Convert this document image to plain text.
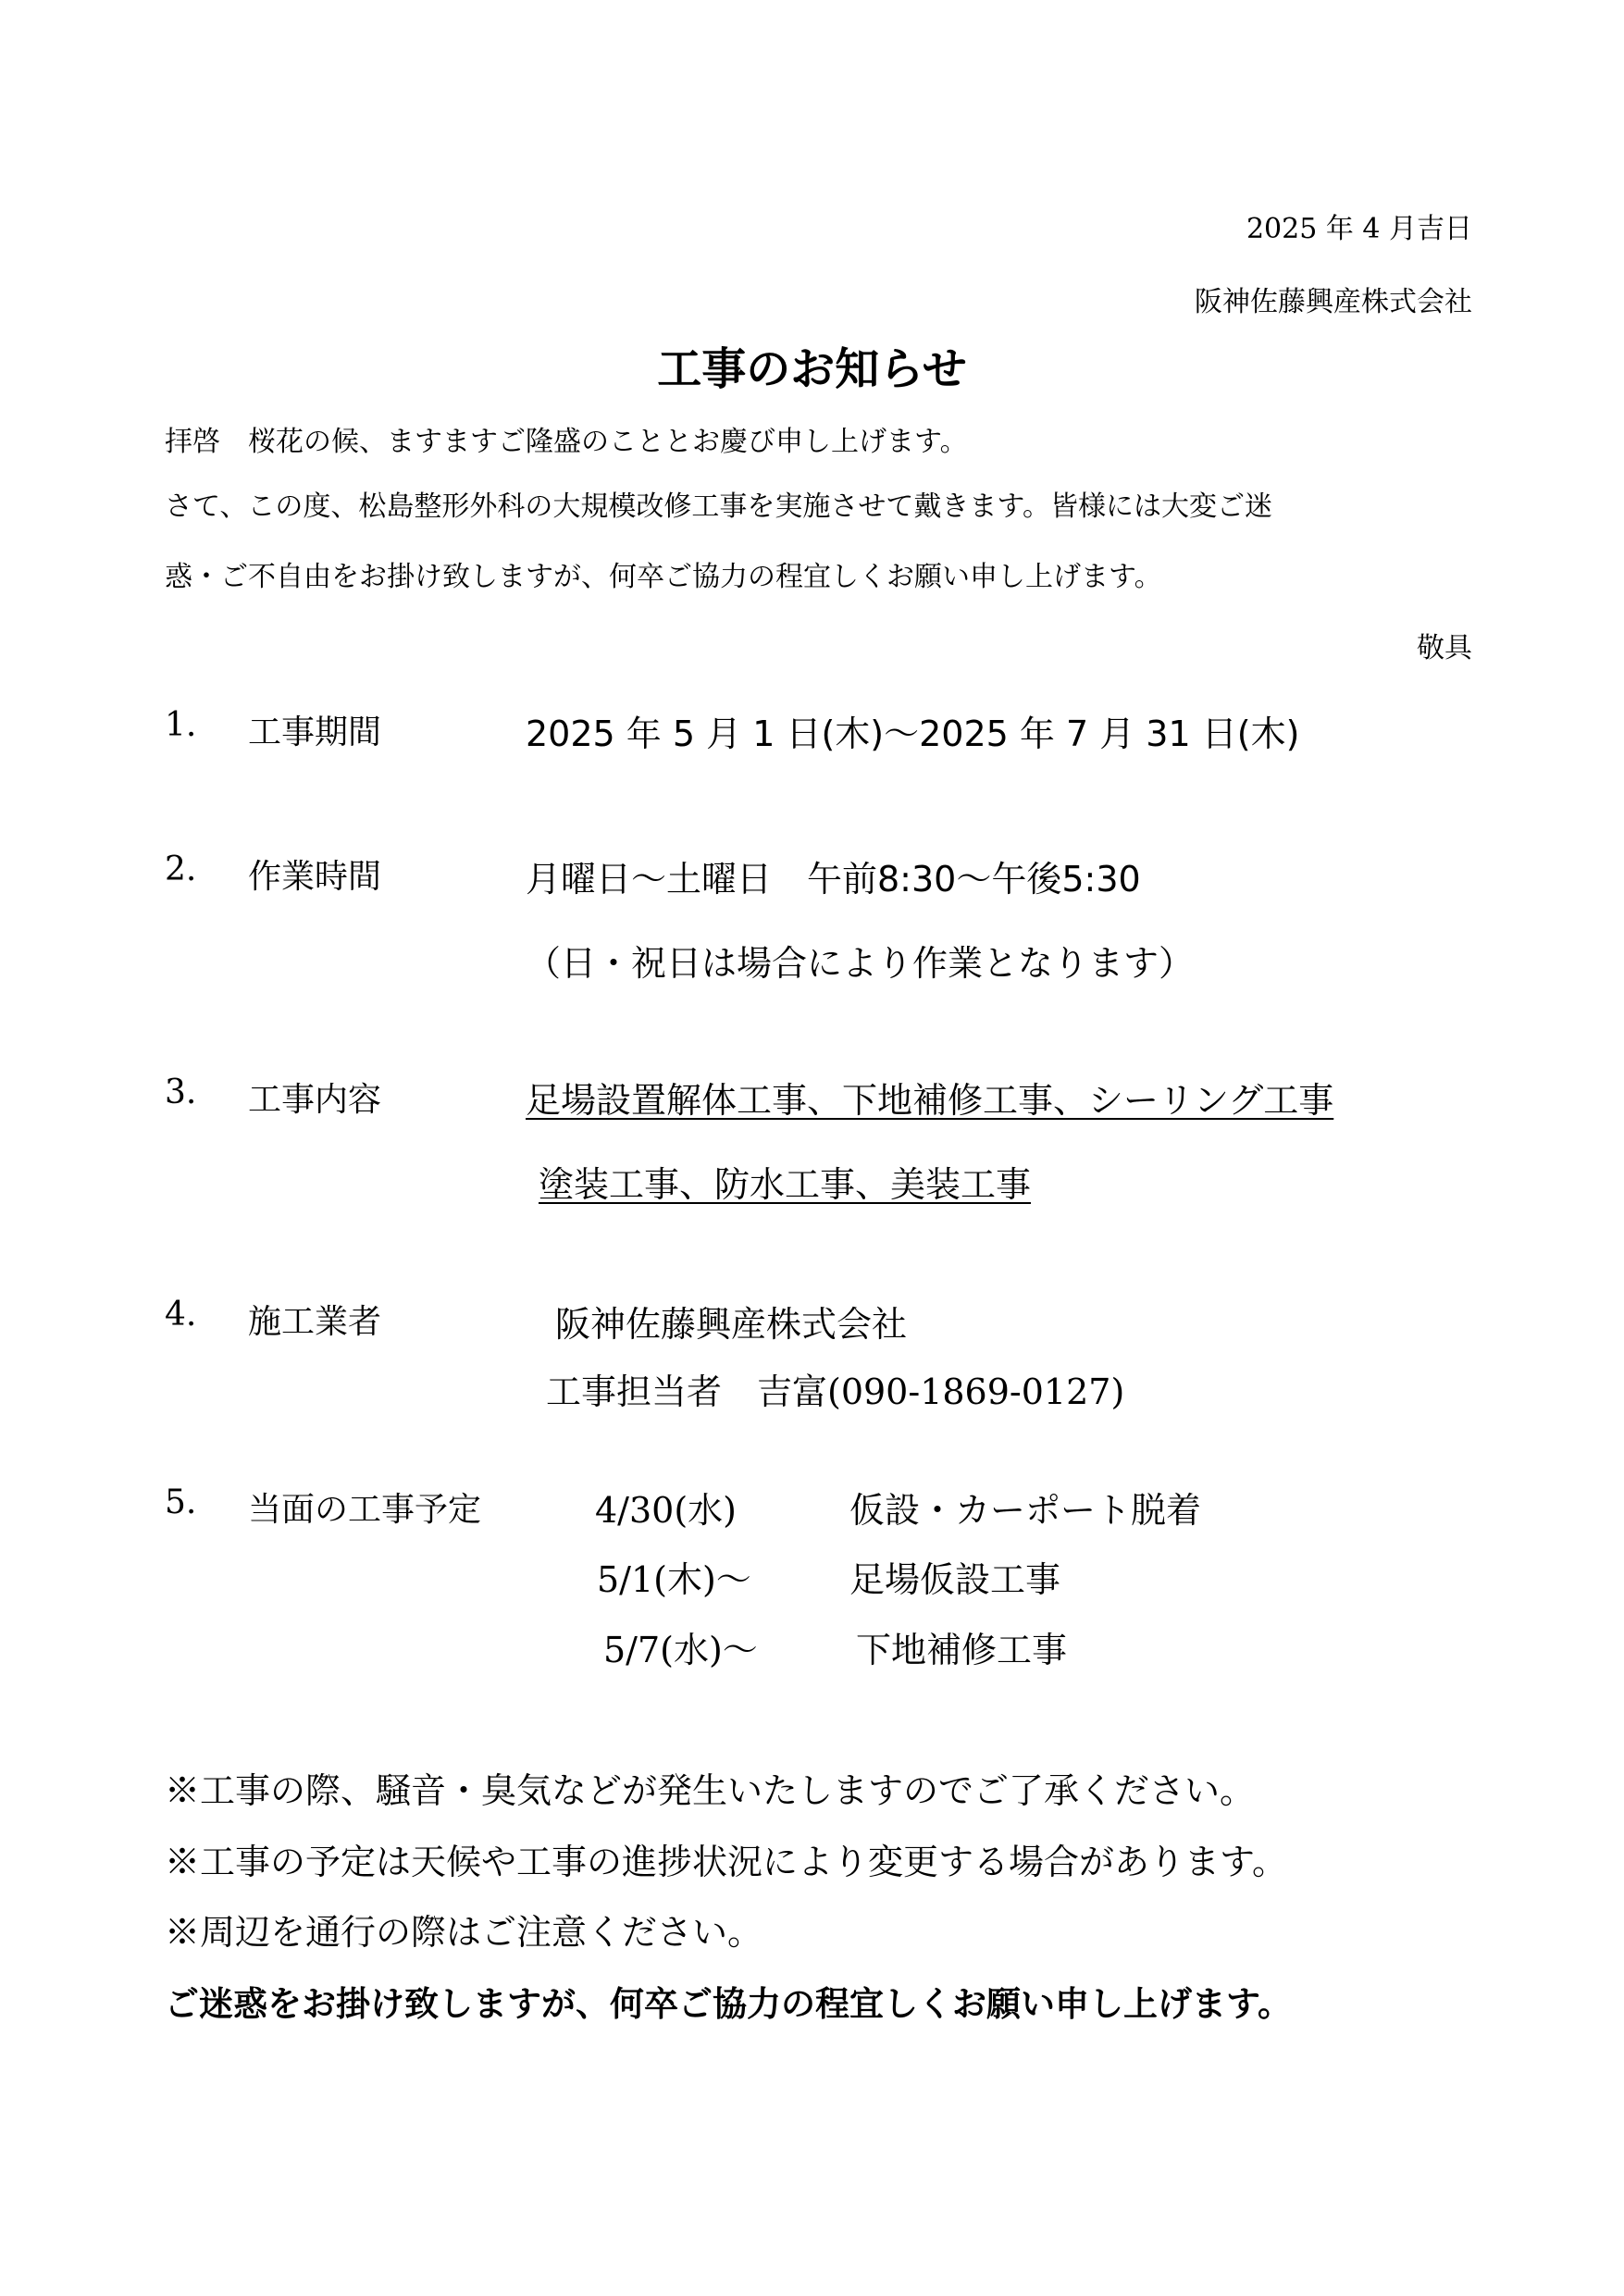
2025 年 4 月吉日
阪神佐藤興産株式会社
工事のお知らせ
拝啓　桜花の候、ますますご隆盛のこととお慶び申し上げます。
さて、この度、松島整形外科の大規模改修工事を実施させて戴きます。皆様には大変ご迷
惑・ご不自由をお掛け致しますが、何卒ご協力の程宜しくお願い申し上げます。
敬具
1. 工事期間	2025 年 5 月 1 日(木)～2025 年 7 月 31 日(木)
2. 作業時間	月曜日～土曜日　午前8:30～午後5:30
（日・祝日は場合により作業となります）
3. 工事内容	足場設置解体工事、下地補修工事、シーリング工事
塗装工事、防水工事、美装工事
4. 施工業者	阪神佐藤興産株式会社
工事担当者　吉富(090-1869-0127)
5. 当面の工事予定	4/30(水)	仮設・カーポート脱着
5/1(木)～	足場仮設工事
5/7(水)～	下地補修工事
※工事の際、騒音・臭気などが発生いたしますのでご了承ください。
※工事の予定は天候や工事の進捗状況により変更する場合があります。
※周辺を通行の際はご注意ください。
ご迷惑をお掛け致しますが、何卒ご協力の程宜しくお願い申し上げます。
